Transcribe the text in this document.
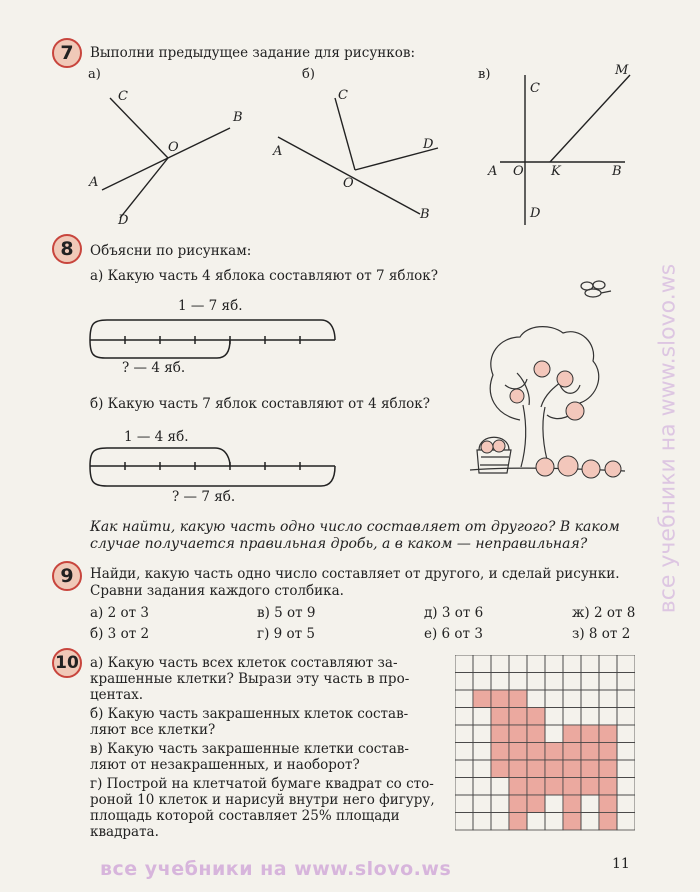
7	Выполни предыдущее задание для рисунков:
а)
C
B
O
A
D
б)
C
A	D
O
B
в)
C
M
A O K	B
D
8	Объясни по рисункам:
а) Какую часть 4 яблока составляют от 7 яблок?
1 — 7 яб.
? — 4 яб.
б) Какую часть 7 яблок составляют от 4 яблок?
1 — 4 яб.
? — 7 яб.
Как найти, какую часть одно число составляет от другого? В каком
случае получается правильная дробь, а в каком — неправильная?
9	Найди, какую часть одно число составляет от другого, и сделай рисунки.
Сравни задания каждого столбика.
а) 2 от 3	в) 5 от 9	д) 3 от 6	ж) 2 от 8
б) 3 от 2	г) 9 от 5	е) 6 от 3	з) 8 от 2
10 а) Какую часть всех клеток составляют за-
крашенные клетки? Вырази эту часть в про-
центах.
б) Какую часть закрашенных клеток состав-
ляют все клетки?
в) Какую часть закрашенные клетки состав-
ляют от незакрашенных, и наоборот?
г) Построй на клетчатой бумаге квадрат со сто-
роной 10 клеток и нарисуй внутри него фигуру,
площадь которой составляет 25% площади
квадрата.
11
все учебники на www.slovo.ws
все учебники на www.slovo.ws
